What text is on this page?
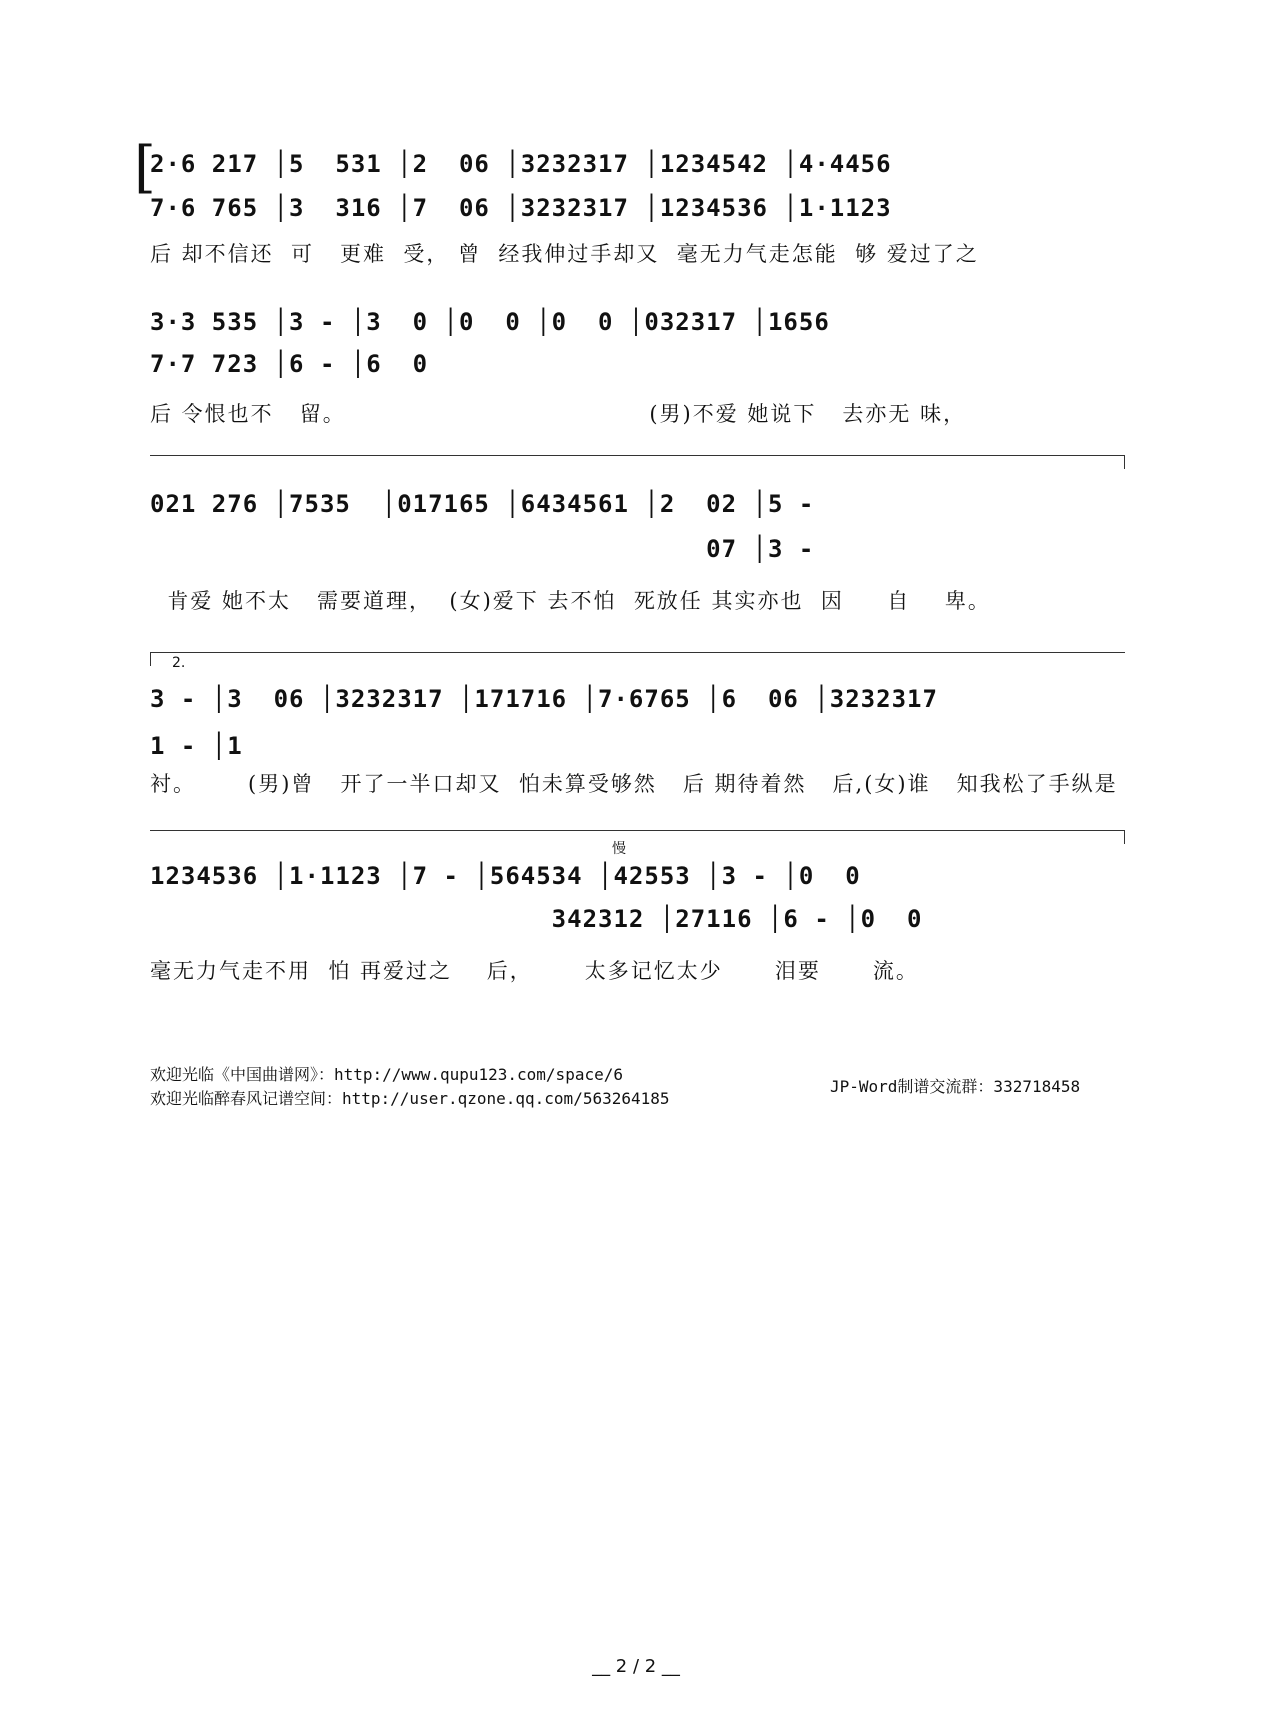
[
2·6 217 │5  531 │2  06 │3232317 │1234542 │4·4456
7·6 765 │3  316 │7  06 │3232317 │1234536 │1·1123
后 却不信还  可   更难  受， 曾  经我伸过手却又  毫无力气走怎能  够 爱过了之
3·3 535 │3 - │3  0 │0  0 │0  0 │032317 │1656
7·7 723 │6 - │6  0
后 令恨也不   留。                                   (男)不爱 她说下   去亦无 味，
021 276 │7535  │017165 │6434561 │2  02 │5 -
07 │3 -
肯爱 她不太   需要道理，  (女)爱下 去不怕  死放任 其实亦也  因     自    卑。
2.
3 - │3  06 │3232317 │171716 │7·6765 │6  06 │3232317
1 - │1
衬。      (男)曾   开了一半口却又  怕未算受够然   后 期待着然   后,(女)谁   知我松了手纵是
慢
1234536 │1·1123 │7 - │564534 │42553 │3 - │0  0
342312 │27116 │6 - │0  0
毫无力气走不用  怕 再爱过之    后，      太多记忆太少      泪要      流。
欢迎光临《中国曲谱网》：http://www.qupu123.com/space/6
欢迎光临醉春风记谱空间：http://user.qzone.qq.com/563264185
JP-Word制谱交流群：332718458
__ 2 / 2 __
